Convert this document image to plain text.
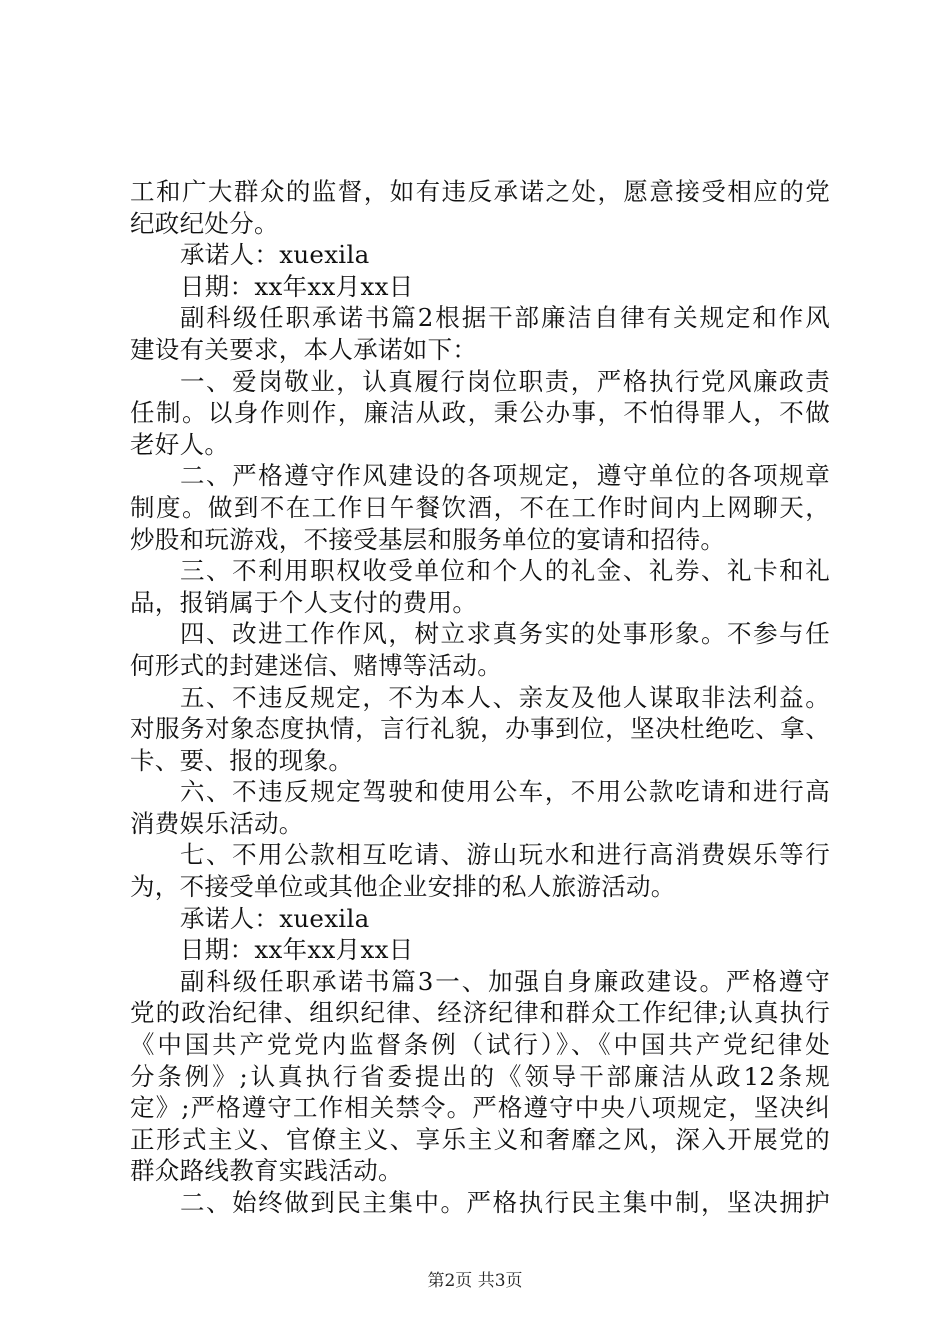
工和广大群众的监督，如有违反承诺之处，愿意接受相应的党
纪政纪处分。
承诺人：xuexila
日期：xx年xx月xx日
副科级任职承诺书篇2根据干部廉洁自律有关规定和作风
建设有关要求，本人承诺如下：
一、爱岗敬业，认真履行岗位职责，严格执行党风廉政责
任制。以身作则作，廉洁从政，秉公办事，不怕得罪人，不做
老好人。
二、严格遵守作风建设的各项规定，遵守单位的各项规章
制度。做到不在工作日午餐饮酒，不在工作时间内上网聊天，
炒股和玩游戏，不接受基层和服务单位的宴请和招待。
三、不利用职权收受单位和个人的礼金、礼券、礼卡和礼
品，报销属于个人支付的费用。
四、改进工作作风，树立求真务实的处事形象。不参与任
何形式的封建迷信、赌博等活动。
五、不违反规定，不为本人、亲友及他人谋取非法利益。
对服务对象态度执情，言行礼貌，办事到位，坚决杜绝吃、拿、
卡、要、报的现象。
六、不违反规定驾驶和使用公车，不用公款吃请和进行高
消费娱乐活动。
七、不用公款相互吃请、游山玩水和进行高消费娱乐等行
为，不接受单位或其他企业安排的私人旅游活动。
承诺人：xuexila
日期：xx年xx月xx日
副科级任职承诺书篇3一、加强自身廉政建设。严格遵守
党的政治纪律、组织纪律、经济纪律和群众工作纪律;认真执行
《中国共产党党内监督条例（试行）》、《中国共产党纪律处
分条例》;认真执行省委提出的《领导干部廉洁从政12条规
定》;严格遵守工作相关禁令。严格遵守中央八项规定，坚决纠
正形式主义、官僚主义、享乐主义和奢靡之风，深入开展党的
群众路线教育实践活动。
二、始终做到民主集中。严格执行民主集中制，坚决拥护
第2页 共3页
